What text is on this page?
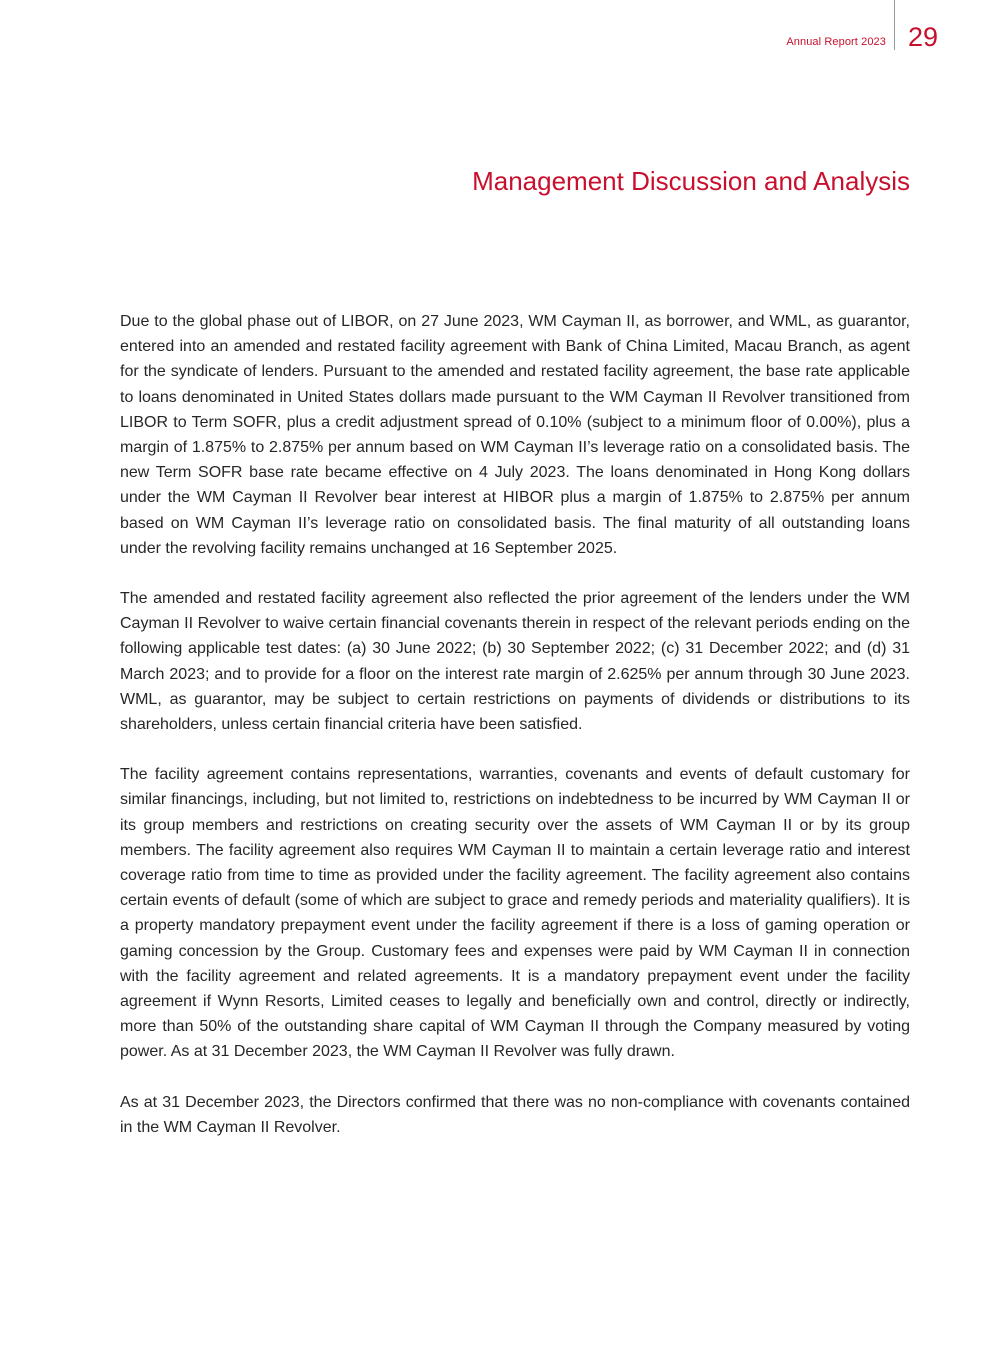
Annual Report 2023 29
Management Discussion and Analysis

Due to the global phase out of LIBOR, on 27 June 2023, WM Cayman II, as borrower, and WML, as guarantor, entered into an amended and restated facility agreement with Bank of China Limited, Macau Branch, as agent for the syndicate of lenders. Pursuant to the amended and restated facility agreement, the base rate applicable to loans denominated in United States dollars made pursuant to the WM Cayman II Revolver transitioned from LIBOR to Term SOFR, plus a credit adjustment spread of 0.10% (subject to a minimum floor of 0.00%), plus a margin of 1.875% to 2.875% per annum based on WM Cayman II’s leverage ratio on a consolidated basis. The new Term SOFR base rate became effective on 4 July 2023. The loans denominated in Hong Kong dollars under the WM Cayman II Revolver bear interest at HIBOR plus a margin of 1.875% to 2.875% per annum based on WM Cayman II’s leverage ratio on consolidated basis. The final maturity of all outstanding loans under the revolving facility remains unchanged at 16 September 2025.

The amended and restated facility agreement also reflected the prior agreement of the lenders under the WM Cayman II Revolver to waive certain financial covenants therein in respect of the relevant periods ending on the following applicable test dates: (a) 30 June 2022; (b) 30 September 2022; (c) 31 December 2022; and (d) 31 March 2023; and to provide for a floor on the interest rate margin of 2.625% per annum through 30 June 2023. WML, as guarantor, may be subject to certain restrictions on payments of dividends or distributions to its shareholders, unless certain financial criteria have been satisfied.

The facility agreement contains representations, warranties, covenants and events of default customary for similar financings, including, but not limited to, restrictions on indebtedness to be incurred by WM Cayman II or its group members and restrictions on creating security over the assets of WM Cayman II or by its group members. The facility agreement also requires WM Cayman II to maintain a certain leverage ratio and interest coverage ratio from time to time as provided under the facility agreement. The facility agreement also contains certain events of default (some of which are subject to grace and remedy periods and materiality qualifiers). It is a property mandatory prepayment event under the facility agreement if there is a loss of gaming operation or gaming concession by the Group. Customary fees and expenses were paid by WM Cayman II in connection with the facility agreement and related agreements. It is a mandatory prepayment event under the facility agreement if Wynn Resorts, Limited ceases to legally and beneficially own and control, directly or indirectly, more than 50% of the outstanding share capital of WM Cayman II through the Company measured by voting power. As at 31 December 2023, the WM Cayman II Revolver was fully drawn.

As at 31 December 2023, the Directors confirmed that there was no non-compliance with covenants contained in the WM Cayman II Revolver.
